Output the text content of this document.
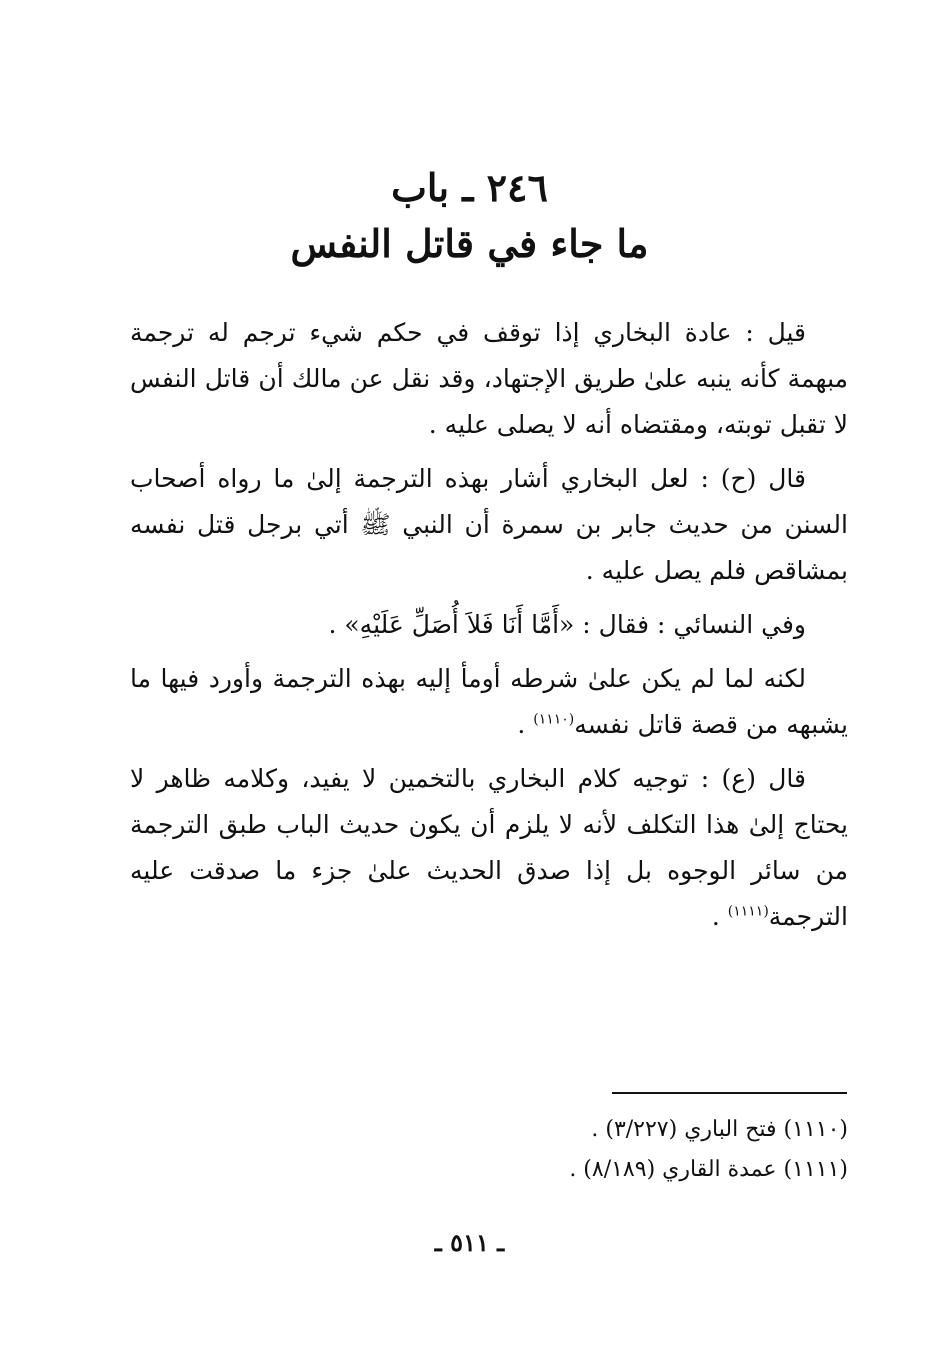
٢٤٦ ـ باب
ما جاء في قاتل النفس

قيل : عادة البخاري إذا توقف في حكم شيء ترجم له ترجمة مبهمة كأنه ينبه علىٰ طريق الإجتهاد، وقد نقل عن مالك أن قاتل النفس لا تقبل توبته، ومقتضاه أنه لا يصلى عليه .

قال (ح) : لعل البخاري أشار بهذه الترجمة إلىٰ ما رواه أصحاب السنن من حديث جابر بن سمرة أن النبي ﷺ أتي برجل قتل نفسه بمشاقص فلم يصل عليه .

وفي النسائي : فقال : «أَمَّا أَنَا فَلاَ أُصَلِّ عَلَيْهِ» .

لكنه لما لم يكن علىٰ شرطه أومأ إليه بهذه الترجمة وأورد فيها ما يشبهه من قصة قاتل نفسه$^{(١١١٠)}$ .

قال (ع) : توجيه كلام البخاري بالتخمين لا يفيد، وكلامه ظاهر لا يحتاج إلىٰ هذا التكلف لأنه لا يلزم أن يكون حديث الباب طبق الترجمة من سائر الوجوه بل إذا صدق الحديث علىٰ جزء ما صدقت عليه الترجمة$^{(١١١١)}$ .

(١١١٠) فتح الباري (٣/٢٢٧) .
(١١١١) عمدة القاري (٨/١٨٩) .
ـ ٥١١ ـ
